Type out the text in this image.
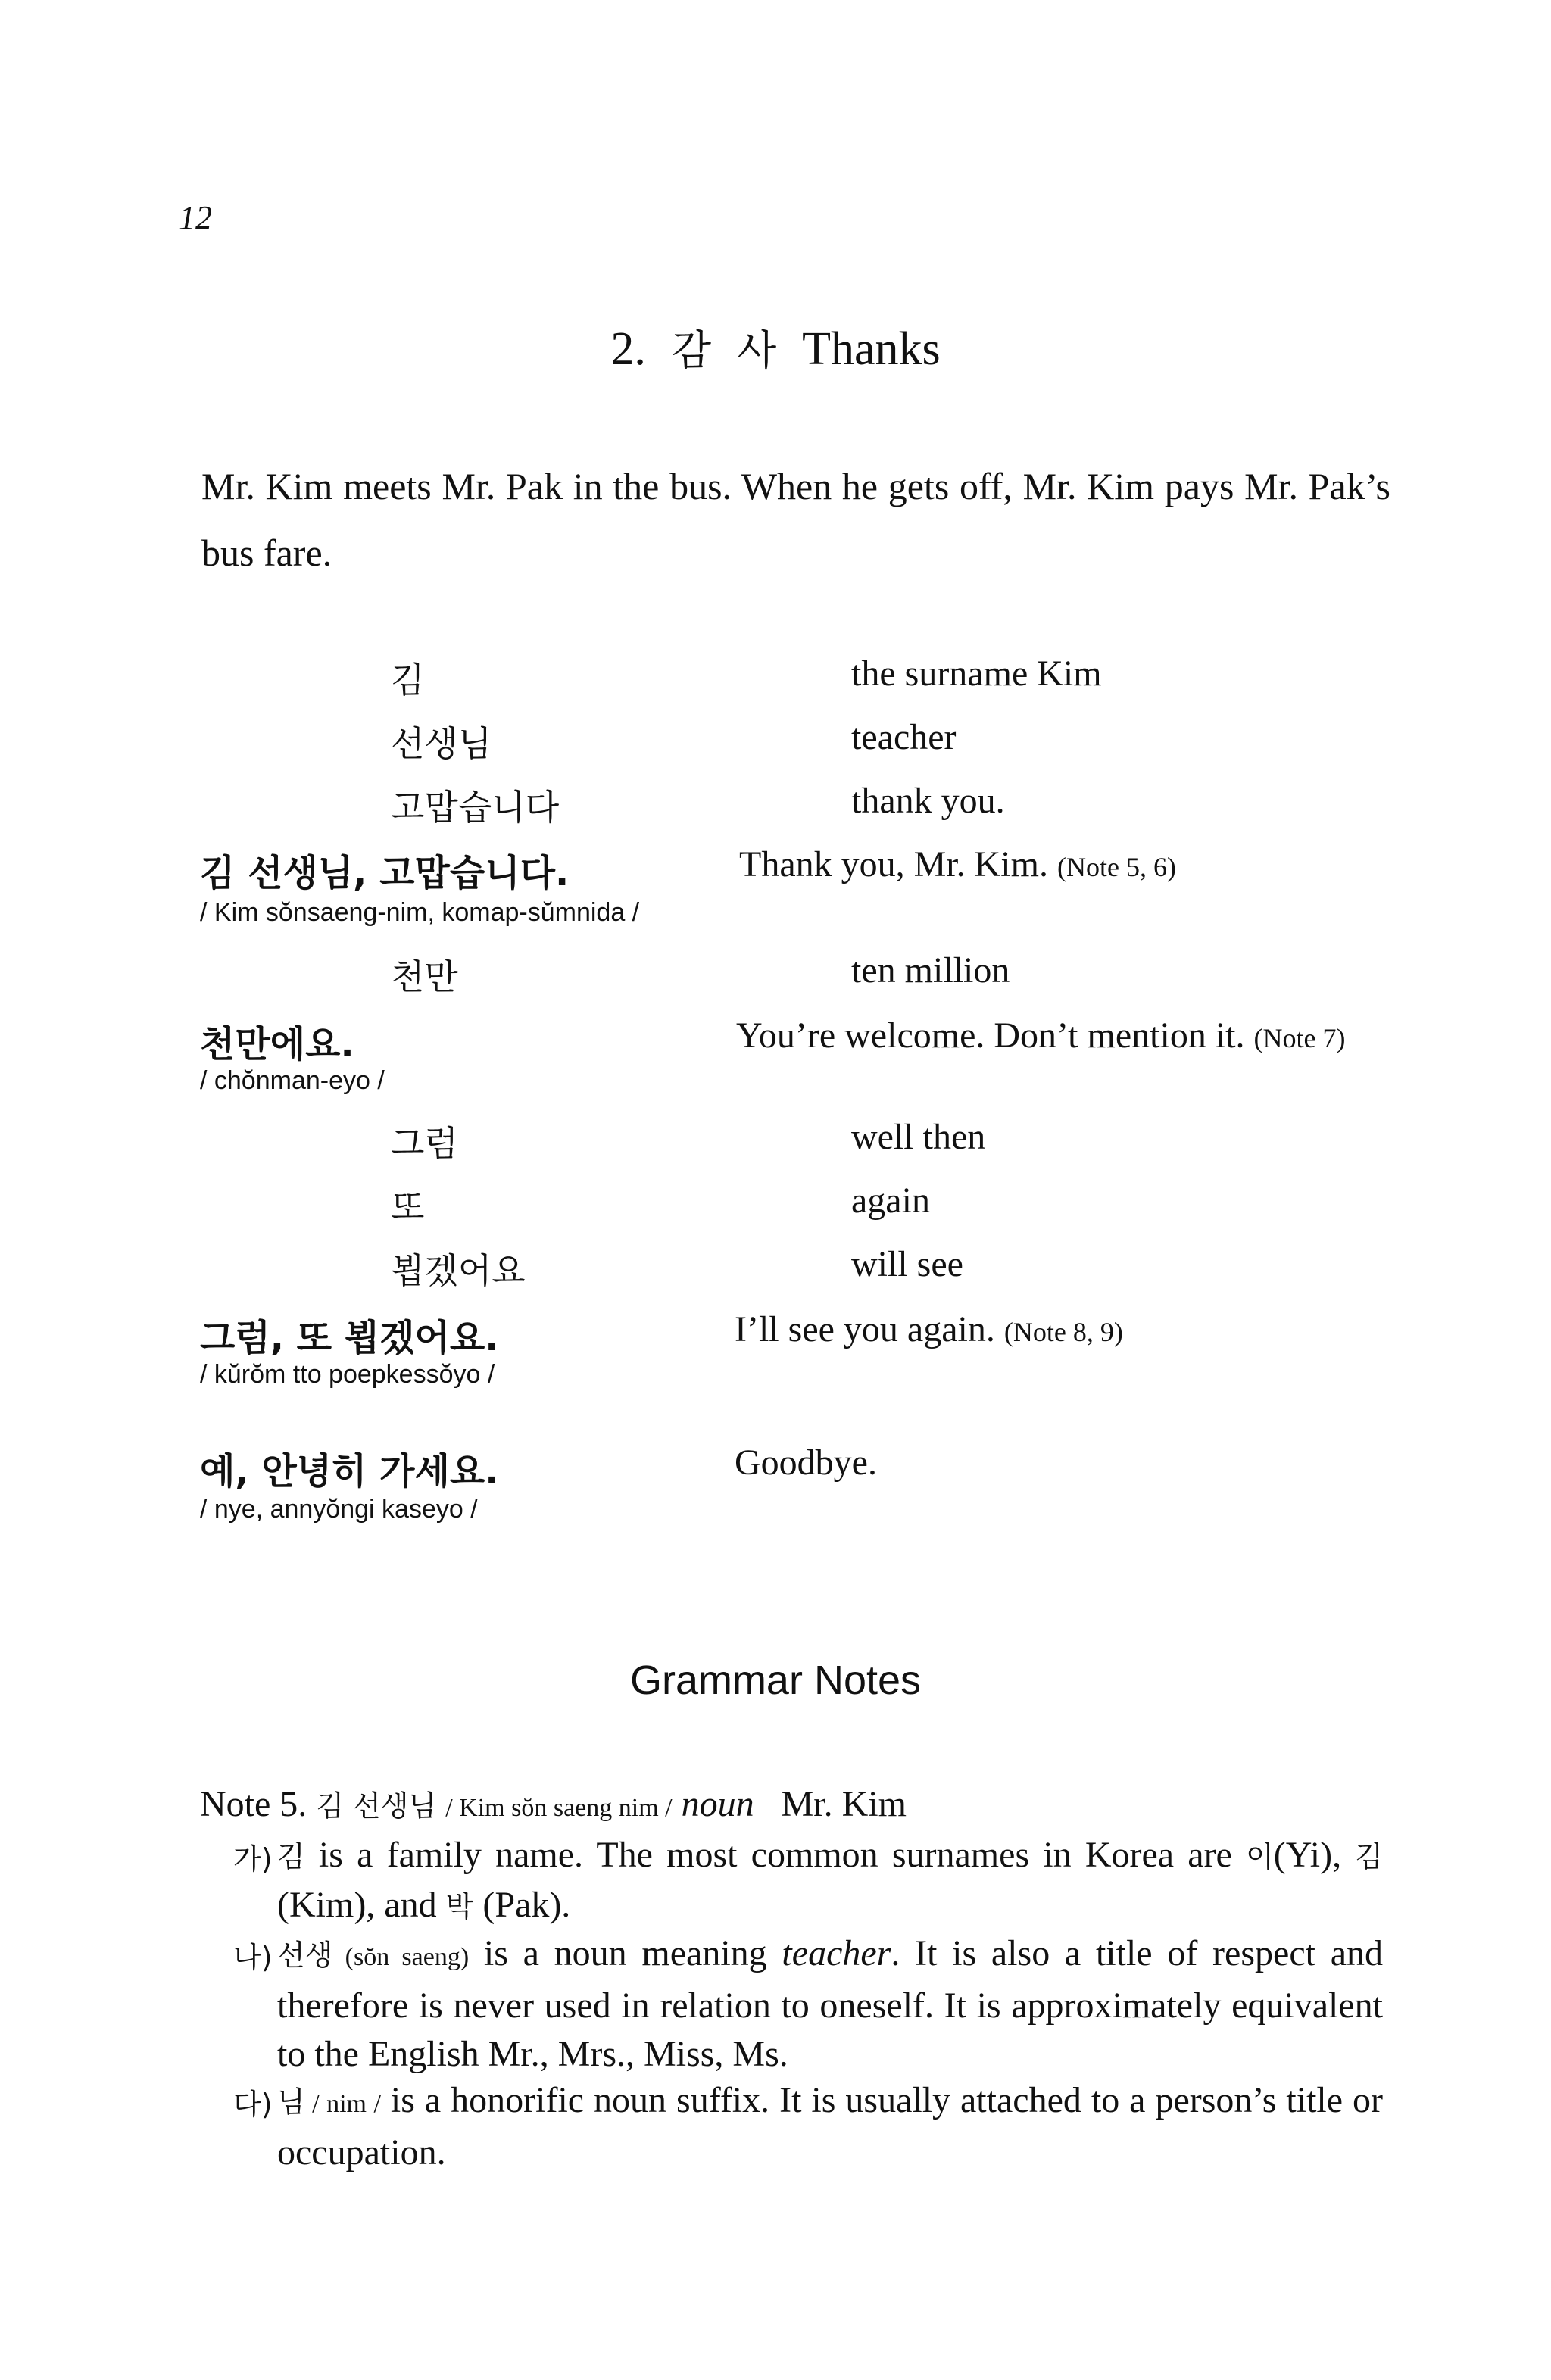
12
2. 감 사 Thanks
Mr. Kim meets Mr. Pak in the bus. When he gets off, Mr. Kim pays Mr. Pak’s bus fare.
김	the surname Kim
선생님	teacher
고맙습니다	thank you.
김 선생님, 고맙습니다.	Thank you, Mr. Kim. (Note 5, 6)
/ Kim sŏnsaeng-nim, komap-sŭmnida /
천만	ten million
천만에요.	You’re welcome. Don’t mention it. (Note 7)
/ chŏnman-eyo /
그럼	well then
또	again
뵙겠어요	will see
그럼, 또 뵙겠어요.	I’ll see you again. (Note 8, 9)
/ kŭrŏm tto poepkessŏyo /
예, 안녕히 가세요.	Goodbye.
/ nye, annyŏngi kaseyo /
Grammar Notes
Note 5. 김 선생님 / Kim sŏn saeng nim / noun Mr. Kim
가) 김 is a family name. The most common surnames in Korea are 이(Yi), 김 (Kim), and 박 (Pak).
나) 선생 (sŏn saeng) is a noun meaning teacher. It is also a title of respect and therefore is never used in relation to oneself. It is approximately equivalent to the English Mr., Mrs., Miss, Ms.
다) 님 / nim / is a honorific noun suffix. It is usually attached to a person’s title or occupation.
